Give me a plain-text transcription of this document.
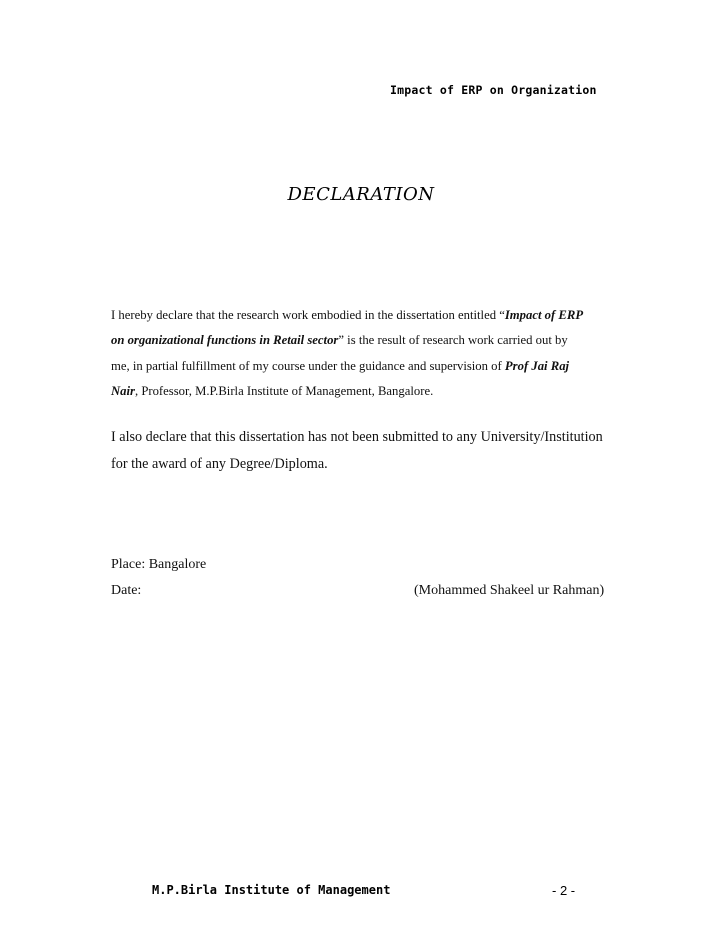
Impact of ERP on Organization
DECLARATION
I hereby declare that the research work embodied in the dissertation entitled “Impact of ERP
on organizational functions in Retail sector” is the result of research work carried out by
me, in partial fulfillment of my course under the guidance and supervision of Prof Jai Raj
Nair, Professor, M.P.Birla Institute of Management, Bangalore.
I also declare that this dissertation has not been submitted to any University/Institution
for the award of any Degree/Diploma.
Place: Bangalore
Date:	(Mohammed Shakeel ur Rahman)
M.P.Birla Institute of Management	- 2 -
